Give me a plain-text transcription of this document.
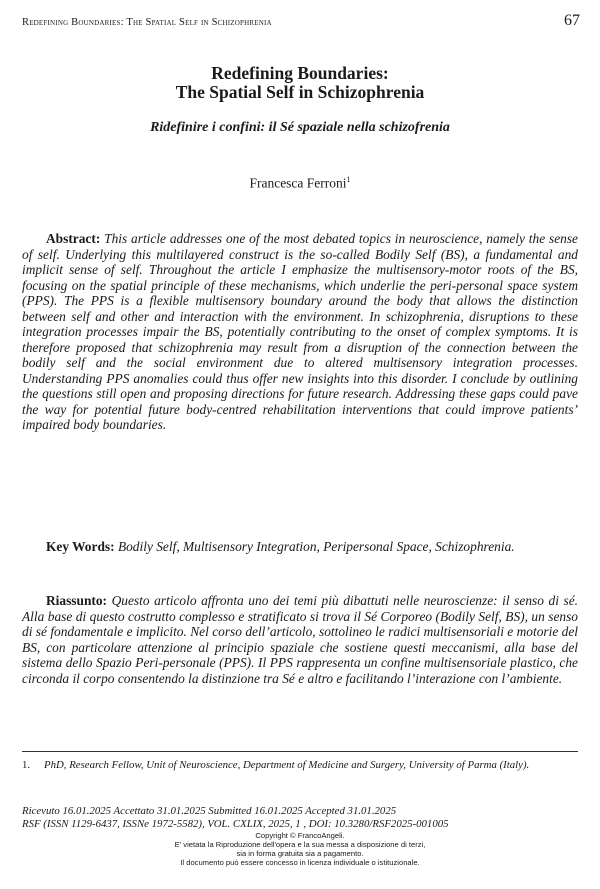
Redefining Boundaries: The Spatial Self in Schizophrenia	67
Redefining Boundaries:
The Spatial Self in Schizophrenia
Ridefinire i confini: il Sé spaziale nella schizofrenia
Francesca Ferroni$^1$

Abstract: This article addresses one of the most debated topics in neuroscience, namely the sense of self. Underlying this multilayered construct is the so-called Bodily Self (BS), a fundamental and implicit sense of self. Throughout the article I emphasize the multisensory-motor roots of the BS, focusing on the spatial principle of these mechanisms, which underlie the peri-personal space system (PPS). The PPS is a flexible multisensory boundary around the body that allows the distinction between self and other and interaction with the environment. In schizophrenia, disruptions to these integration processes impair the BS, potentially contributing to the onset of complex symptoms. It is therefore proposed that schizophrenia may result from a disruption of the connection between the bodily self and the social environment due to altered multisensory integration processes. Understanding PPS anomalies could thus offer new insights into this disorder. I conclude by outlining the questions still open and proposing directions for future research. Addressing these gaps could pave the way for potential future body-centred rehabilitation interventions that could improve patients’ impaired body boundaries.

Key Words: Bodily Self, Multisensory Integration, Peripersonal Space, Schizophrenia.

Riassunto: Questo articolo affronta uno dei temi più dibattuti nelle neuroscienze: il senso di sé. Alla base di questo costrutto complesso e stratificato si trova il Sé Corporeo (Bodily Self, BS), un senso di sé fondamentale e implicito. Nel corso dell’articolo, sottolineo le radici multisensoriali e motorie del BS, con particolare attenzione al principio spaziale che sostiene questi meccanismi, alla base del sistema dello Spazio Peri-personale (PPS). Il PPS rappresenta un confine multisensoriale plastico, che circonda il corpo consentendo la distinzione tra Sé e altro e facilitando l’interazione con l’ambiente.

1. PhD, Research Fellow, Unit of Neuroscience, Department of Medicine and Surgery, University of Parma (Italy).
Ricevuto 16.01.2025 Accettato 31.01.2025 Submitted 16.01.2025 Accepted 31.01.2025
RSF (ISSN 1129-6437, ISSNe 1972-5582), VOL. CXLIX, 2025, 1 , DOI: 10.3280/RSF2025-001005
Copyright © FrancoAngeli.
E' vietata la Riproduzione dell'opera e la sua messa a disposizione di terzi,
sia in forma gratuita sia a pagamento.
Il documento può essere concesso in licenza individuale o istituzionale.
